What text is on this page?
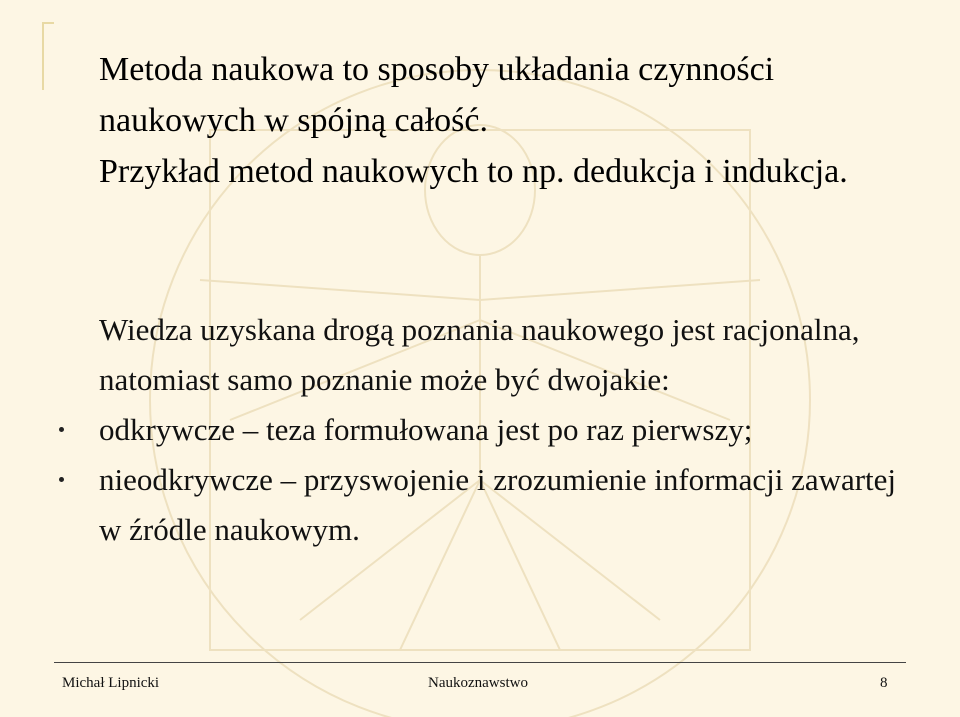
Metoda naukowa to sposoby układania czynności naukowych w spójną całość.

Przykład metod naukowych to np. dedukcja i indukcja.

Wiedza uzyskana drogą poznania naukowego jest racjonalna, natomiast samo poznanie może być dwojakie:

odkrywcze – teza formułowana jest po raz pierwszy;
nieodkrywcze – przyswojenie i zrozumienie informacji zawartej w źródle naukowym.
Michał Lipnicki	Naukoznawstwo	8
